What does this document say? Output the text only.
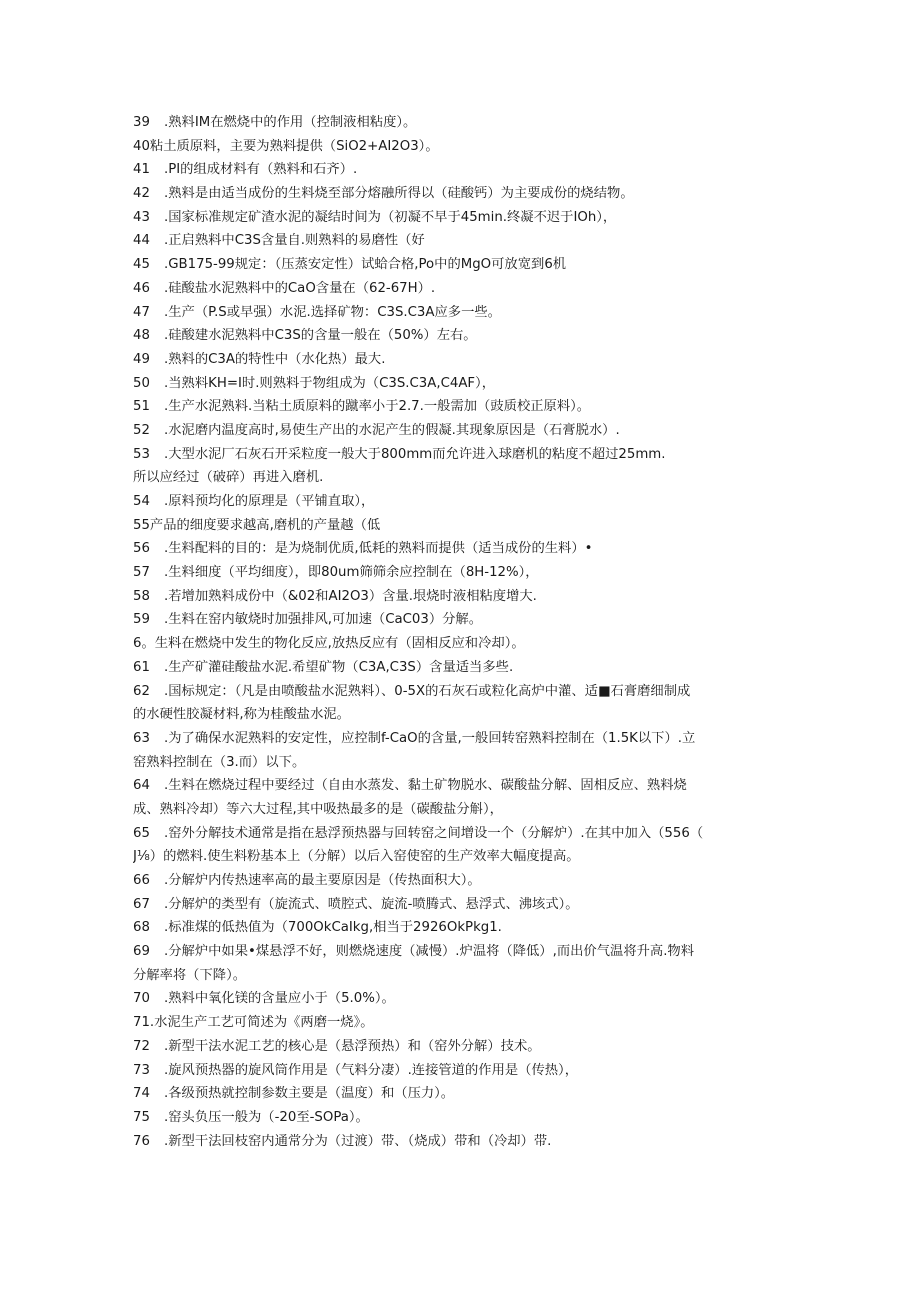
39 .熟料IM在燃烧中的作用（控制液相粘度）。
40粘土质原料，主要为熟料提供（SiO2+AI2O3）。
41 .PI的组成材料有（熟料和石齐）.
42 .熟料是由适当成份的生料烧至部分熔融所得以（硅酸钙）为主要成份的烧结物。
43 .国家标准规定矿渣水泥的凝结时间为（初凝不早于45min.终凝不迟于IOh），
44 .正启熟料中C3S含量自.则熟料的易磨性（好
45 .GB175-99规定：（压蒸安定性）试蛤合格,Po中的MgO可放宽到6机
46 .硅酸盐水泥熟料中的CaO含量在（62-67H）.
47 .生产（P.S或早强）水泥.选择矿物：C3S.C3A应多一些。
48 .硅酸建水泥熟料中C3S的含量一般在（50%）左右。
49 .熟料的C3A的特性中（水化热）最大.
50 .当熟料KH=I时.则熟料于物组成为（C3S.C3A,C4AF），
51 .生产水泥熟料.当粘土质原料的蹴率小于2.7.一般需加（豉质校正原料）。
52 .水泥磨内温度高时,易使生产出的水泥产生的假凝.其现象原因是（石膏脱水）.
53 .大型水泥厂石灰石开采粒度一般大于800mm而允许进入球磨机的粘度不超过25mm.
所以应经过（破碎）再进入磨机.
54 .原料预均化的原理是（平铺直取），
55产品的细度要求越高,磨机的产量越（低
56 .生料配料的目的：是为烧制优质,低耗的熟料而提供（适当成份的生料）•
57 .生料细度（平均细度），即80um筛筛余应控制在（8H-12%），
58 .若增加熟料成份中（&02和AI2O3）含量.垠烧时液相粘度增大.
59 .生料在窑内敏烧时加强排风,可加速（CaC03）分解。
6。生料在燃烧中发生的物化反应,放热反应有（固相反应和冷却）。
61 .生产矿灌硅酸盐水泥.希望矿物（C3A,C3S）含量适当多些.
62 .国标规定：（凡是由喷酸盐水泥熟料）、0-5X的石灰石或粒化高炉中灌、适■石膏磨细制成
的水硬性胶凝材料,称为桂酸盐水泥。
63 .为了确保水泥熟料的安定性，应控制f-CaO的含量,一般回转窑熟料控制在（1.5K以下）.立
窑熟料控制在（3.而）以下。
64 .生料在燃烧过程中要经过（自由水蒸发、黏土矿物脱水、碳酸盐分解、固相反应、熟料烧
成、熟料冷却）等六大过程,其中吸热最多的是（碳酸盐分斛），
65 .窑外分解技术通常是指在悬浮预热器与回转窑之间增设一个（分解炉）.在其中加入（556（
J⅛）的燃料.使生料粉基本上（分解）以后入窑使窑的生产效率大幅度提高。
66 .分解炉内传热速率高的最主要原因是（传热面积大）。
67 .分解炉的类型有（旋流式、喷腔式、旋流-喷腾式、悬浮式、沸垓式）。
68 .标准煤的低热值为（700OkCaIkg,相当于2926OkPkg1.
69 .分解炉中如果•煤悬浮不好，则燃烧速度（减慢）.炉温将（降低）,而出价气温将升高.物料
分解率将（下降）。
70 .熟料中氧化镁的含量应小于（5.0%）。
71.水泥生产工艺可简述为《两磨一烧》。
72 .新型干法水泥工艺的核心是（悬浮预热）和（窑外分解）技术。
73 .旋风预热器的旋风筒作用是（气料分凄）.连接管道的作用是（传热），
74 .各级预热就控制参数主要是（温度）和（压力）。
75 .窑头负压一般为（-20至-SOPa）。
76 .新型干法回枝窑内通常分为（过渡）带、（烧成）带和（冷却）带.
